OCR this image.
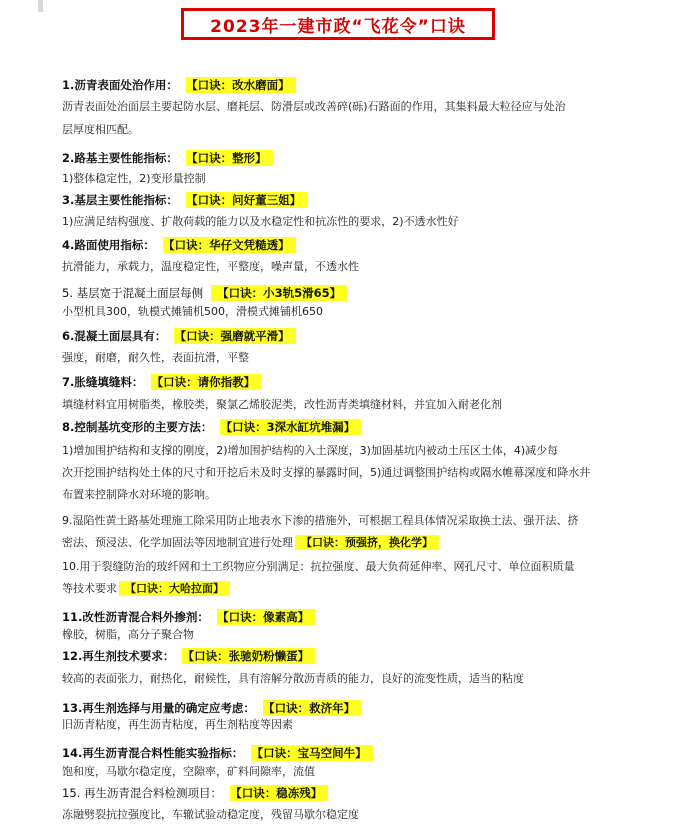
2023年一建市政“飞花令”口诀
1.沥青表面处治作用： 【口诀：改水磨面】
沥青表面处治面层主要起防水层、磨耗层、防滑层或改善碎(砾)石路面的作用，其集料最大粒径应与处治
层厚度相匹配。
2.路基主要性能指标： 【口诀：整形】
1)整体稳定性，2)变形量控制
3.基层主要性能指标： 【口诀：问好董三姐】
1)应满足结构强度、扩散荷载的能力以及水稳定性和抗冻性的要求，2)不透水性好
4.路面使用指标： 【口诀：华仔文凭糙透】
抗滑能力，承载力，温度稳定性，平整度，噪声量，不透水性
5. 基层宽于混凝土面层每侧 【口诀：小3轨5滑65】
小型机具300，轨模式摊铺机500，滑模式摊铺机650
6.混凝土面层具有： 【口诀：强磨就平滑】
强度，耐磨，耐久性，表面抗滑，平整
7.胀缝填缝料： 【口诀：请你指教】
填缝材料宜用树脂类，橡胶类，聚氯乙烯胶泥类，改性沥青类填缝材料，并宜加入耐老化剂
8.控制基坑变形的主要方法： 【口诀：3深水缸坑堆漏】
1)增加围护结构和支撑的刚度，2)增加围护结构的入土深度，3)加固基坑内被动土压区土体，4)减少每
次开挖围护结构处土体的尺寸和开挖后未及时支撑的暴露时间，5)通过调整围护结构或隔水帷幕深度和降水井
布置来控制降水对环境的影响。
9.湿陷性黄土路基处理施工除采用防止地表水下渗的措施外，可根据工程具体情况采取换土法、强开法、挤
密法、预浸法、化学加固法等因地制宜进行处理 【口诀：预强挤，换化学】
10.用于裂缝防治的玻纤网和土工织物应分别满足：抗拉强度、最大负荷延伸率、网孔尺寸、单位面积质量
等技术要求 【口诀：大哈拉面】
11.改性沥青混合料外掺剂： 【口诀：像素高】
橡胶，树脂，高分子聚合物
12.再生剂技术要求： 【口诀：张驰奶粉懒蛋】
较高的表面张力，耐热化，耐候性，具有溶解分散沥青质的能力，良好的流变性质，适当的粘度
13.再生剂选择与用量的确定应考虑： 【口诀：救济年】
旧沥青粘度，再生沥青粘度，再生剂粘度等因素
14.再生沥青混合料性能实验指标： 【口诀：宝马空间牛】
饱和度，马歇尔稳定度，空隙率，矿料间隙率，流值
15. 再生沥青混合料检测项目： 【口诀：稳冻残】
冻融劈裂抗拉强度比，车辙试验动稳定度，残留马歇尔稳定度
